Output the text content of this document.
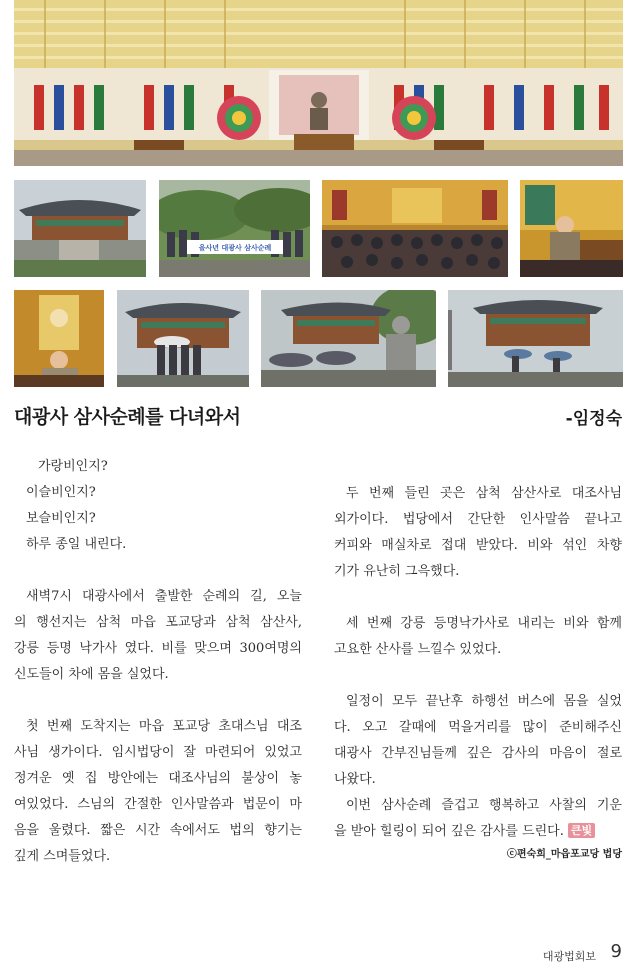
을사년 대광사 삼사순례
대광사 삼사순례를 다녀와서	-임정숙

가랑비인지?

이슬비인지?

보슬비인지?

하루 종일 내린다.

새벽7시 대광사에서 출발한 순례의 길, 오늘

의 행선지는 삼척 마읍 포교당과 삼척 삼산사,

강릉 등명 낙가사 였다. 비를 맞으며 300여명의

신도들이 차에 몸을 실었다.

첫 번째 도착지는 마읍 포교당 초대스님 대조

사님 생가이다. 임시법당이 잘 마련되어 있었고

정겨운 옛 집 방안에는 대조사님의 불상이 놓

여있었다. 스님의 간절한 인사말씀과 법문이 마

음을 울렸다. 짧은 시간 속에서도 법의 향기는

깊게 스며들었다.

두 번째 들린 곳은 삼척 삼산사로 대조사님

외가이다. 법당에서 간단한 인사말씀 끝나고

커피와 매실차로 접대 받았다. 비와 섞인 차향

기가 유난히 그윽했다.

세 번째 강릉 등명낙가사로 내리는 비와 함께

고요한 산사를 느낄수 있었다.

일정이 모두 끝난후 하행선 버스에 몸을 실었

다. 오고 갈때에 먹을거리를 많이 준비해주신

대광사 간부진님들께 깊은 감사의 마음이 절로

나왔다.

이번 삼사순례 즐겁고 행복하고 사찰의 기운

을 받아 힐링이 되어 깊은 감사를 드린다. 큰빛

ⓒ편숙희_마읍포교당 법당
대광법회보 9
